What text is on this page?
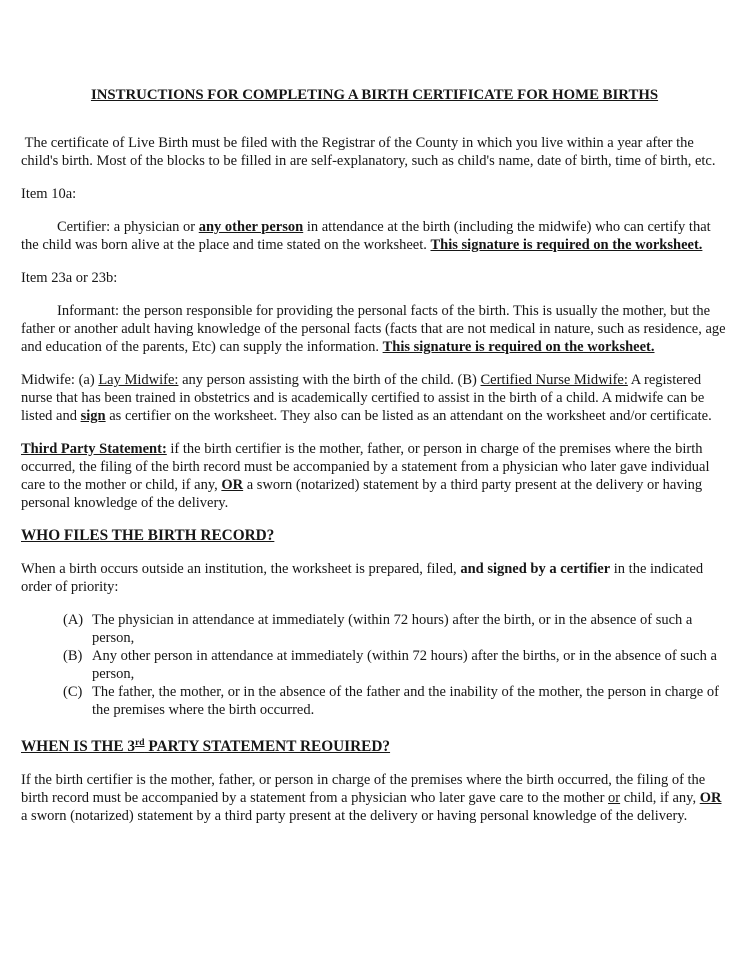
INSTRUCTIONS FOR COMPLETING A BIRTH CERTIFICATE FOR HOME BIRTHS

The certificate of Live Birth must be filed with the Registrar of the County in which you live within a year after the child's birth. Most of the blocks to be filled in are self-explanatory, such as child's name, date of birth, time of birth, etc.

Item 10a:

Certifier: a physician or any other person in attendance at the birth (including the midwife) who can certify that the child was born alive at the place and time stated on the worksheet. This signature is required on the worksheet.

Item 23a or 23b:

Informant: the person responsible for providing the personal facts of the birth. This is usually the mother, but the father or another adult having knowledge of the personal facts (facts that are not medical in nature, such as residence, age and education of the parents, Etc) can supply the information. This signature is required on the worksheet.

Midwife: (a) Lay Midwife: any person assisting with the birth of the child. (B) Certified Nurse Midwife: A registered nurse that has been trained in obstetrics and is academically certified to assist in the birth of a child. A midwife can be listed and sign as certifier on the worksheet. They also can be listed as an attendant on the worksheet and/or certificate.

Third Party Statement: if the birth certifier is the mother, father, or person in charge of the premises where the birth occurred, the filing of the birth record must be accompanied by a statement from a physician who later gave individual care to the mother or child, if any, OR a sworn (notarized) statement by a third party present at the delivery or having personal knowledge of the delivery.

WHO FILES THE BIRTH RECORD?

When a birth occurs outside an institution, the worksheet is prepared, filed, and signed by a certifier in the indicated order of priority:

(A) The physician in attendance at immediately (within 72 hours) after the birth, or in the absence of such a person,
(B) Any other person in attendance at immediately (within 72 hours) after the births, or in the absence of such a person,
(C) The father, the mother, or in the absence of the father and the inability of the mother, the person in charge of the premises where the birth occurred.

WHEN IS THE 3rd PARTY STATEMENT REOUIRED?

If the birth certifier is the mother, father, or person in charge of the premises where the birth occurred, the filing of the birth record must be accompanied by a statement from a physician who later gave care to the mother or child, if any, OR a sworn (notarized) statement by a third party present at the delivery or having personal knowledge of the delivery.
